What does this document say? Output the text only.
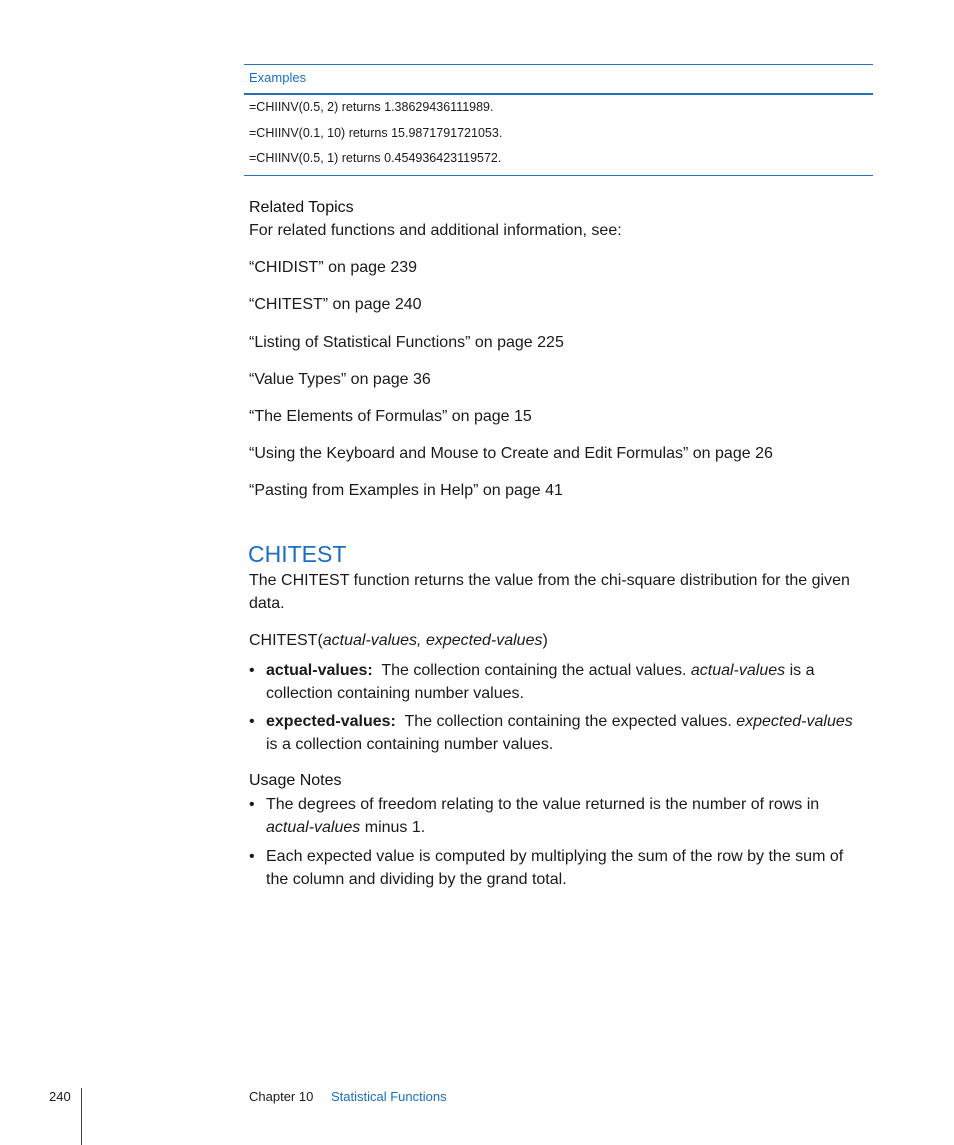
Examples
=CHIINV(0.5, 2) returns 1.38629436111989.
=CHIINV(0.1, 10) returns 15.9871791721053.
=CHIINV(0.5, 1) returns 0.454936423119572.
Related Topics
For related functions and additional information, see:
“CHIDIST” on page 239
“CHITEST” on page 240
“Listing of Statistical Functions” on page 225
“Value Types” on page 36
“The Elements of Formulas” on page 15
“Using the Keyboard and Mouse to Create and Edit Formulas” on page 26
“Pasting from Examples in Help” on page 41
CHITEST
The CHITEST function returns the value from the chi-square distribution for the given
data.
CHITEST(actual-values, expected-values)
• actual-values: The collection containing the actual values. actual-values is a collection containing number values.
• expected-values: The collection containing the expected values. expected-values is a collection containing number values.
Usage Notes
• The degrees of freedom relating to the value returned is the number of rows in actual-values minus 1.
• Each expected value is computed by multiplying the sum of the row by the sum of the column and dividing by the grand total.
240	Chapter 10 Statistical Functions
